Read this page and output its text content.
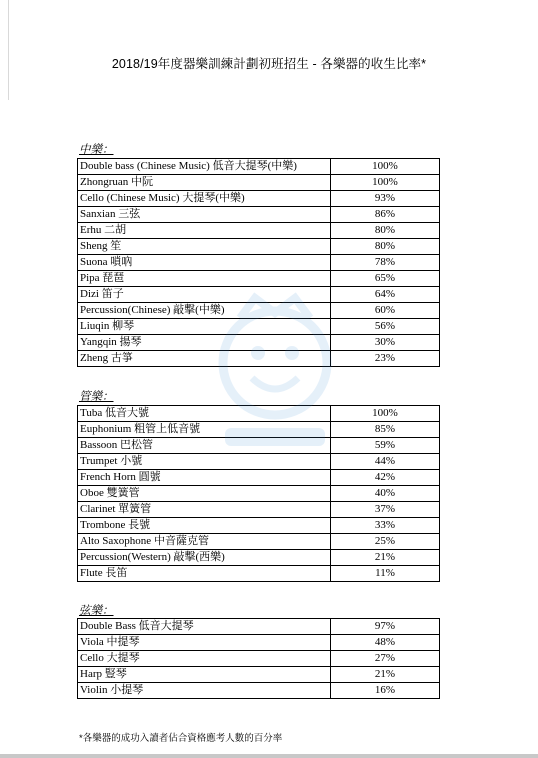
2018/19年度器樂訓練計劃初班招生 - 各樂器的收生比率*
中樂：
Double bass (Chinese Music) 低音大提琴(中樂)	100%
Zhongruan 中阮	100%
Cello (Chinese Music) 大提琴(中樂)	93%
Sanxian 三弦	86%
Erhu 二胡	80%
Sheng 笙	80%
Suona 嗩吶	78%
Pipa 琵琶	65%
Dizi 笛子	64%
Percussion(Chinese) 敲擊(中樂)	60%
Liuqin 柳琴	56%
Yangqin 揚琴	30%
Zheng 古箏	23%
管樂：
Tuba 低音大號	100%
Euphonium 粗管上低音號	85%
Bassoon 巴松管	59%
Trumpet 小號	44%
French Horn 圓號	42%
Oboe 雙簧管	40%
Clarinet 單簧管	37%
Trombone 長號	33%
Alto Saxophone 中音薩克管	25%
Percussion(Western) 敲擊(西樂)	21%
Flute 長笛	11%
弦樂：
Double Bass 低音大提琴	97%
Viola 中提琴	48%
Cello 大提琴	27%
Harp 豎琴	21%
Violin 小提琴	16%
*各樂器的成功入讀者佔合資格應考人數的百分率
